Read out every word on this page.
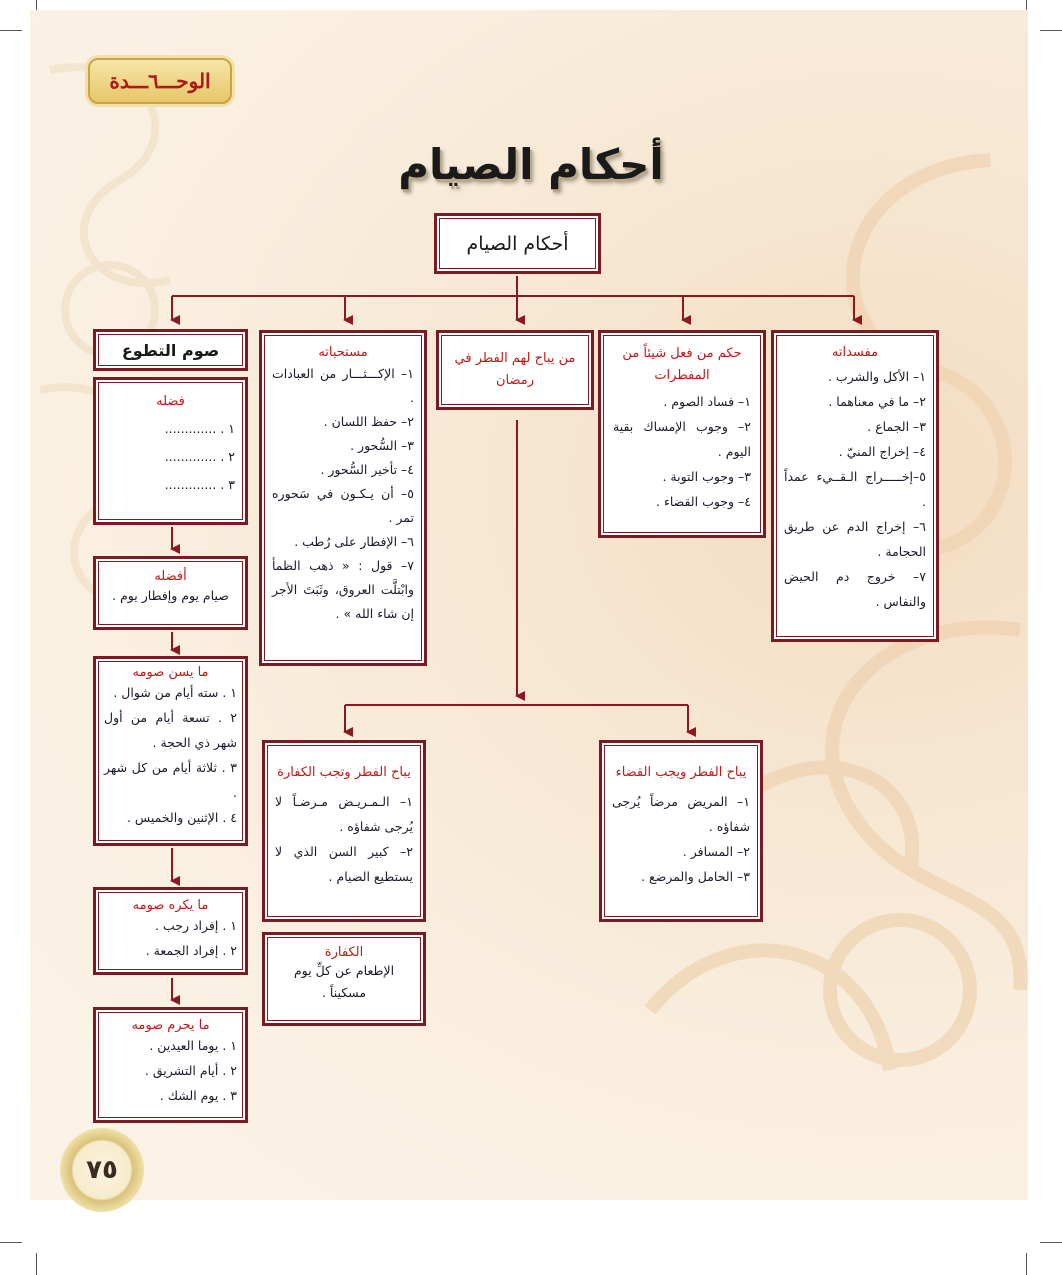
الوحـــ٦ـــدة
أحكام الصيام
أحكام الصيام
مفسداته
١– الأكل والشرب .
٢– ما في معناهما .
٣– الجماع .
٤– إخراج المنيّ .
٥–إخـــــراج الـقــيء عمداً .
٦– إخراج الدم عن طريق الحجامة .
٧– خروج دم الحيض والنفاس .
حكم من فعل شيئاً من المفطرات
١– فساد الصوم .
٢– وجوب الإمساك بقية اليوم .
٣– وجوب التوبة .
٤– وجوب القضاء .
من يباح لهم الفطر في رمضان
مستحباته
١– الإكـــثـــار من العبادات .
٢– حفظ اللسان .
٣– السُّحور .
٤– تأخير السُّحور .
٥– أن يـكـون في سَحوره تمر .
٦– الإفطار على رُطب .
٧– قول : « ذهب الظمأ وابْتلَّت العروق، وثَبَتَ الأجر إن شاء الله » .
صوم التطوع
فضله
١ . .............
٢ . .............
٣ . .............
أفضله
صيام يوم وإفطار يوم .
ما يسن صومه
١ . سته أيام من شوال .
٢ . تسعة أيام من أول شهر ذي الحجة .
٣ . ثلاثة أيام من كل شهر .
٤ . الإثنين والخميس .
ما يكره صومه
١ . إفراد رجب .
٢ . إفراد الجمعة .
ما يحرم صومه
١ . يوما العيدين .
٢ . أيام التشريق .
٣ . يوم الشك .
يباح الفطر ويجب القضاء
١– المريض مرضاً يُرجى شفاؤه .
٢– المسافر .
٣– الحامل والمرضع .
يباح الفطر وتجب الكفارة
١– الـمـريـض مـرضـاً لا يُرجى شفاؤه .
٢– كبير السن الذي لا يستطيع الصيام .
الكفارة
الإطعام عن كلِّ يوم مسكيناً .
٧٥
